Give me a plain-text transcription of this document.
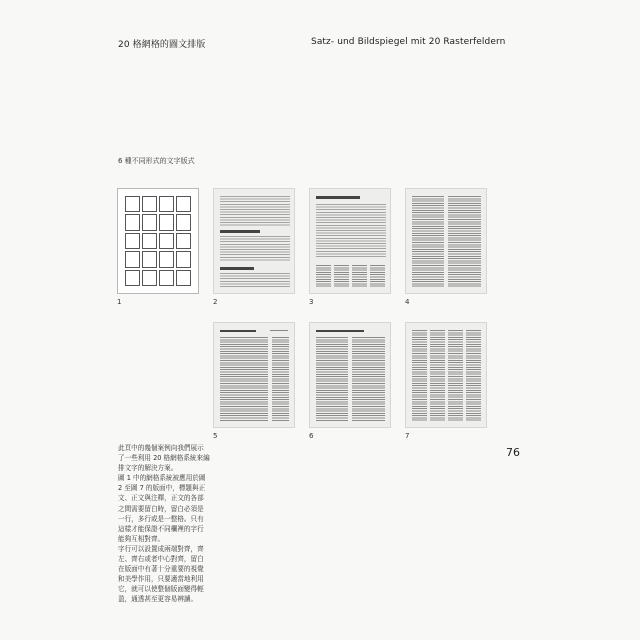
20 格網格的圖文排版	Satz- und Bildspiegel mit 20 Rasterfeldern
6 種不同形式的文字版式
1	2	3	4
5	6	7
76

此頁中的幾個案例向我們展示了一些利用 20 格網格系統來編排文字的解決方案。

圖 1 中的網格系統被應用於圖 2 至圖 7 的版面中，標題與正文、正文與注釋，正文的各部之間需要留白時，留白必須是一行，多行或是一整格。只有這樣才能保證不同欄裡的字行能夠互相對齊。

字行可以設置成兩端對齊，齊左、齊右或者中心對齊，留白在版面中有著十分重要的視覺和美學作用，只要適當地利用它，就可以使整個版面變得輕盈，通透甚至更容易辨讀。
